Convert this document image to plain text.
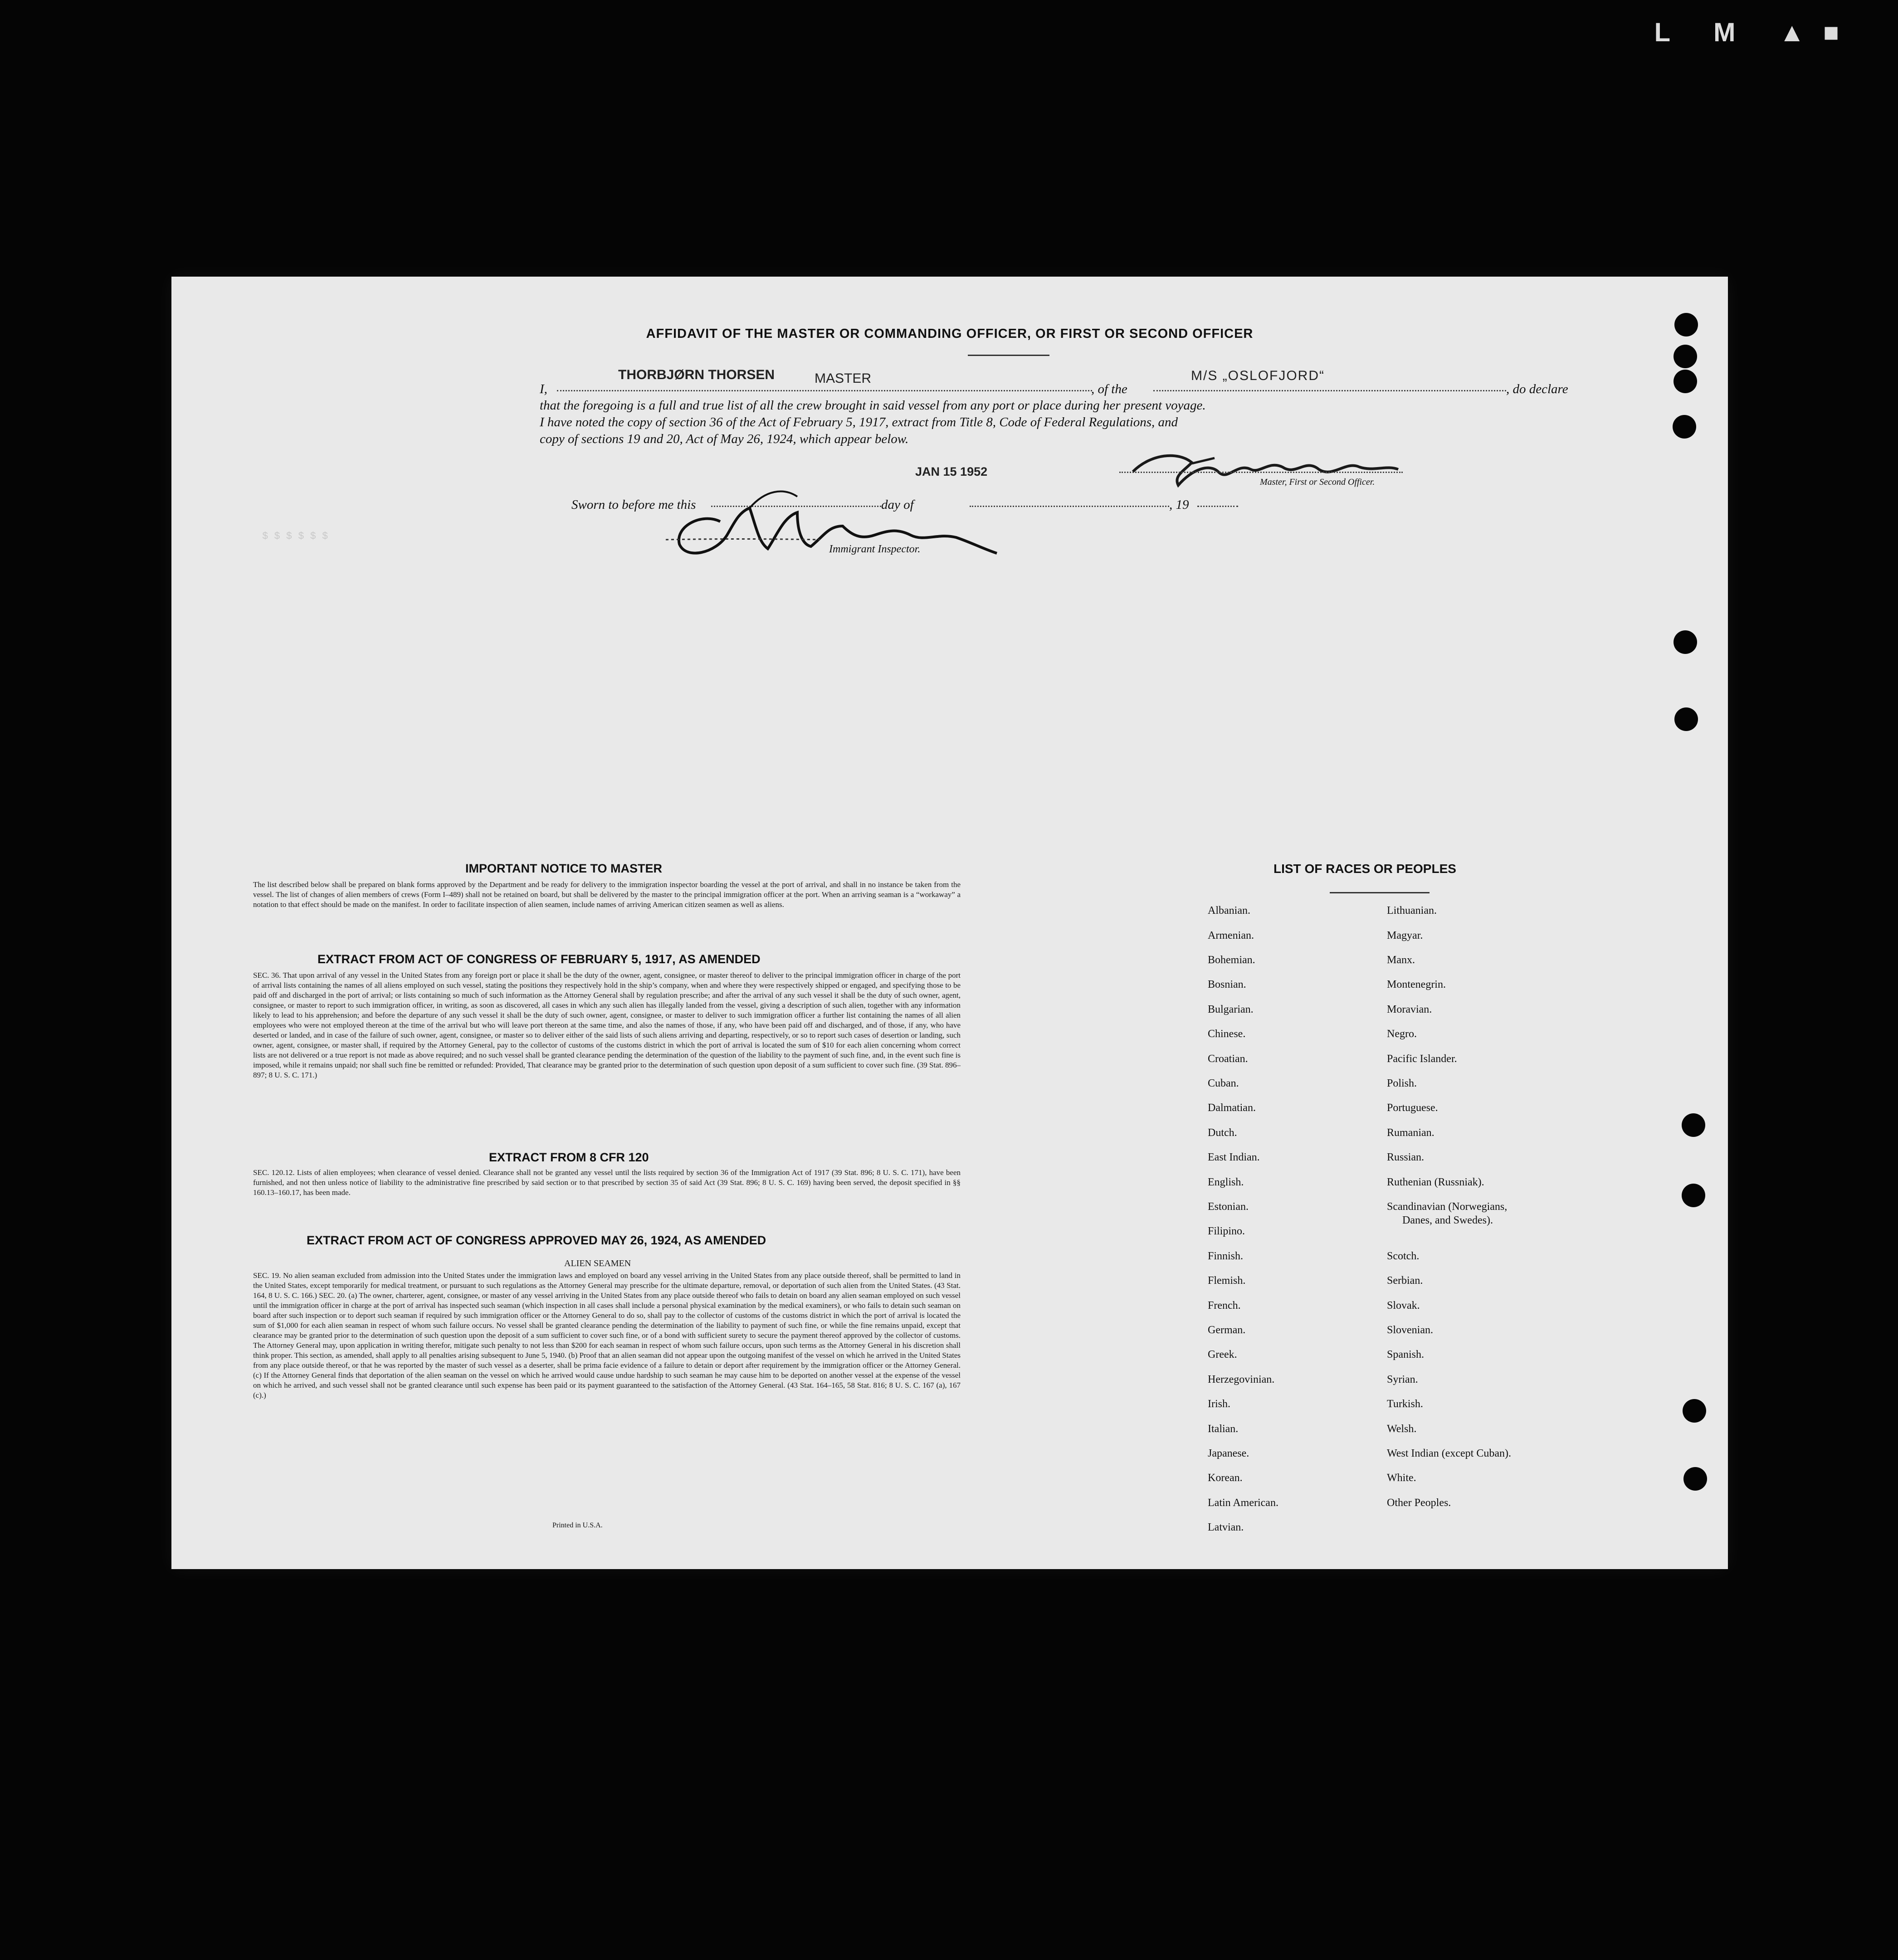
L M ▲■
$ $ $ $ $ $
AFFIDAVIT OF THE MASTER OR COMMANDING OFFICER, OR FIRST OR SECOND OFFICER
I,
THORBJØRN THORSEN	MASTER
, of the
M/S „OSLOFJORD“
, do declare
that the foregoing is a full and true list of all the crew brought in said vessel from any port or place during her present voyage.
I have noted the copy of section 36 of the Act of February 5, 1917, extract from Title 8, Code of Federal Regulations, and
copy of sections 19 and 20, Act of May 26, 1924, which appear below.
JAN 15 1952
Master, First or Second Officer.
Sworn to before me this	day of	, 19
Immigrant Inspector.
IMPORTANT NOTICE TO MASTER
The list described below shall be prepared on blank forms approved by the Department and be ready for delivery to the immigration inspector boarding the vessel at the port of arrival, and shall in no instance be taken from the vessel. The list of changes of alien members of crews (Form I–489) shall not be retained on board, but shall be delivered by the master to the principal immigration officer at the port. When an arriving seaman is a “workaway” a notation to that effect should be made on the manifest. In order to facilitate inspection of alien seamen, include names of arriving American citizen seamen as well as aliens.
EXTRACT FROM ACT OF CONGRESS OF FEBRUARY 5, 1917, AS AMENDED
SEC. 36. That upon arrival of any vessel in the United States from any foreign port or place it shall be the duty of the owner, agent, consignee, or master thereof to deliver to the principal immigration officer in charge of the port of arrival lists containing the names of all aliens employed on such vessel, stating the positions they respectively hold in the ship’s company, when and where they were respectively shipped or engaged, and specifying those to be paid off and discharged in the port of arrival; or lists containing so much of such information as the Attorney General shall by regulation prescribe; and after the arrival of any such vessel it shall be the duty of such owner, agent, consignee, or master to report to such immigration officer, in writing, as soon as discovered, all cases in which any such alien has illegally landed from the vessel, giving a description of such alien, together with any information likely to lead to his apprehension; and before the departure of any such vessel it shall be the duty of such owner, agent, consignee, or master to deliver to such immigration officer a further list containing the names of all alien employees who were not employed thereon at the time of the arrival but who will leave port thereon at the same time, and also the names of those, if any, who have been paid off and discharged, and of those, if any, who have deserted or landed, and in case of the failure of such owner, agent, consignee, or master so to deliver either of the said lists of such aliens arriving and departing, respectively, or so to report such cases of desertion or landing, such owner, agent, consignee, or master shall, if required by the Attorney General, pay to the collector of customs of the customs district in which the port of arrival is located the sum of $10 for each alien concerning whom correct lists are not delivered or a true report is not made as above required; and no such vessel shall be granted clearance pending the determination of the question of the liability to the payment of such fine, and, in the event such fine is imposed, while it remains unpaid; nor shall such fine be remitted or refunded: Provided, That clearance may be granted prior to the determination of such question upon deposit of a sum sufficient to cover such fine. (39 Stat. 896–897; 8 U. S. C. 171.)
EXTRACT FROM 8 CFR 120
SEC. 120.12. Lists of alien employees; when clearance of vessel denied. Clearance shall not be granted any vessel until the lists required by section 36 of the Immigration Act of 1917 (39 Stat. 896; 8 U. S. C. 171), have been furnished, and not then unless notice of liability to the administrative fine prescribed by said section or to that prescribed by section 35 of said Act (39 Stat. 896; 8 U. S. C. 169) having been served, the deposit specified in §§ 160.13–160.17, has been made.
EXTRACT FROM ACT OF CONGRESS APPROVED MAY 26, 1924, AS AMENDED
ALIEN SEAMEN
SEC. 19. No alien seaman excluded from admission into the United States under the immigration laws and employed on board any vessel arriving in the United States from any place outside thereof, shall be permitted to land in the United States, except temporarily for medical treatment, or pursuant to such regulations as the Attorney General may prescribe for the ultimate departure, removal, or deportation of such alien from the United States. (43 Stat. 164, 8 U. S. C. 166.) SEC. 20. (a) The owner, charterer, agent, consignee, or master of any vessel arriving in the United States from any place outside thereof who fails to detain on board any alien seaman employed on such vessel until the immigration officer in charge at the port of arrival has inspected such seaman (which inspection in all cases shall include a personal physical examination by the medical examiners), or who fails to detain such seaman on board after such inspection or to deport such seaman if required by such immigration officer or the Attorney General to do so, shall pay to the collector of customs of the customs district in which the port of arrival is located the sum of $1,000 for each alien seaman in respect of whom such failure occurs. No vessel shall be granted clearance pending the determination of the liability to payment of such fine, or while the fine remains unpaid, except that clearance may be granted prior to the determination of such question upon the deposit of a sum sufficient to cover such fine, or of a bond with sufficient surety to secure the payment thereof approved by the collector of customs. The Attorney General may, upon application in writing therefor, mitigate such penalty to not less than $200 for each seaman in respect of whom such failure occurs, upon such terms as the Attorney General in his discretion shall think proper. This section, as amended, shall apply to all penalties arising subsequent to June 5, 1940. (b) Proof that an alien seaman did not appear upon the outgoing manifest of the vessel on which he arrived in the United States from any place outside thereof, or that he was reported by the master of such vessel as a deserter, shall be prima facie evidence of a failure to detain or deport after requirement by the immigration officer or the Attorney General. (c) If the Attorney General finds that deportation of the alien seaman on the vessel on which he arrived would cause undue hardship to such seaman he may cause him to be deported on another vessel at the expense of the vessel on which he arrived, and such vessel shall not be granted clearance until such expense has been paid or its payment guaranteed to the satisfaction of the Attorney General. (43 Stat. 164–165, 58 Stat. 816; 8 U. S. C. 167 (a), 167 (c).)
Printed in U.S.A.
LIST OF RACES OR PEOPLES
Albanian.
Armenian.
Bohemian.
Bosnian.
Bulgarian.
Chinese.
Croatian.
Cuban.
Dalmatian.
Dutch.
East Indian.
English.
Estonian.
Filipino.
Finnish.
Flemish.
French.
German.
Greek.
Herzegovinian.
Irish.
Italian.
Japanese.
Korean.
Latin American.
Latvian.
Lithuanian.
Magyar.
Manx.
Montenegrin.
Moravian.
Negro.
Pacific Islander.
Polish.
Portuguese.
Rumanian.
Russian.
Ruthenian (Russniak).
Scandinavian (Norwegians,
Danes, and Swedes).
Scotch.
Serbian.
Slovak.
Slovenian.
Spanish.
Syrian.
Turkish.
Welsh.
West Indian (except Cuban).
White.
Other Peoples.
